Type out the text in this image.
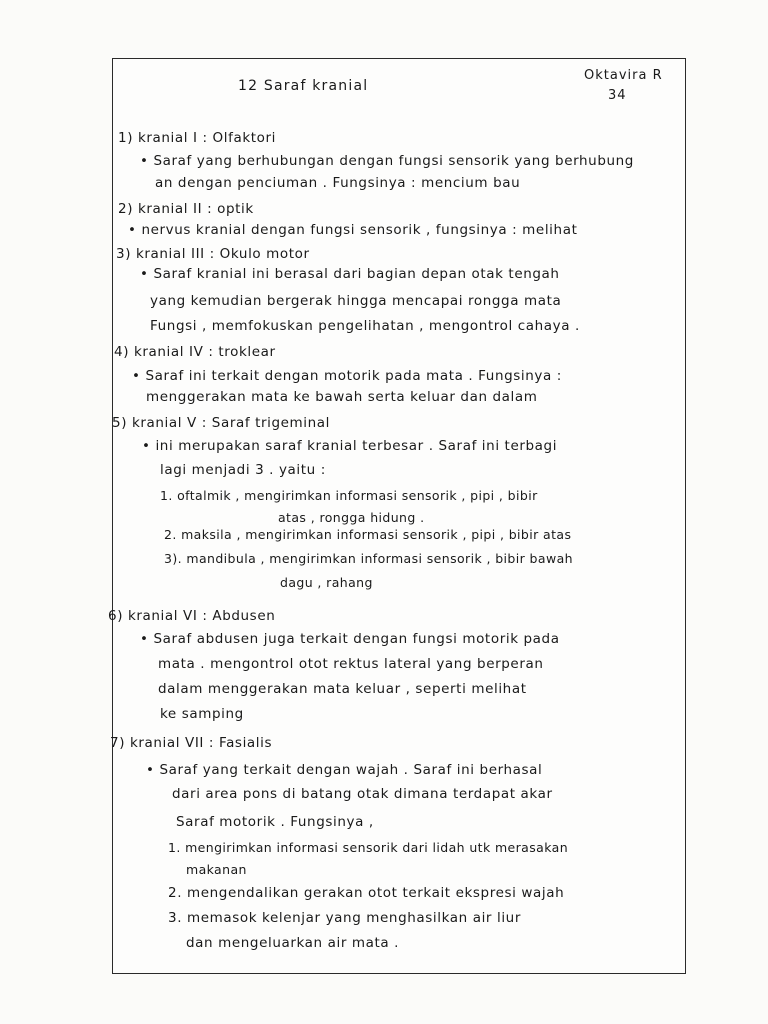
12 Saraf kranial
Oktavira R
34
1) kranial I : Olfaktori
• Saraf yang berhubungan dengan fungsi sensorik yang berhubung
an dengan penciuman . Fungsinya : mencium bau
2) kranial II : optik
• nervus kranial dengan fungsi sensorik , fungsinya : melihat
3) kranial III : Okulo motor
• Saraf kranial ini berasal dari bagian depan otak tengah
yang kemudian bergerak hingga mencapai rongga mata
Fungsi , memfokuskan pengelihatan , mengontrol cahaya .
4) kranial IV : troklear
• Saraf ini terkait dengan motorik pada mata . Fungsinya :
menggerakan mata ke bawah serta keluar dan dalam
5) kranial V : Saraf trigeminal
• ini merupakan saraf kranial terbesar . Saraf ini terbagi
lagi menjadi 3 . yaitu :
1. oftalmik , mengirimkan informasi sensorik , pipi , bibir
atas , rongga hidung .
2. maksila , mengirimkan informasi sensorik , pipi , bibir atas
3). mandibula , mengirimkan informasi sensorik , bibir bawah
dagu , rahang
6) kranial VI : Abdusen
• Saraf abdusen juga terkait dengan fungsi motorik pada
mata . mengontrol otot rektus lateral yang berperan
dalam menggerakan mata keluar , seperti melihat
ke samping
7) kranial VII : Fasialis
• Saraf yang terkait dengan wajah . Saraf ini berhasal
dari area pons di batang otak dimana terdapat akar
Saraf motorik . Fungsinya ,
1. mengirimkan informasi sensorik dari lidah utk merasakan
makanan
2. mengendalikan gerakan otot terkait ekspresi wajah
3. memasok kelenjar yang menghasilkan air liur
dan mengeluarkan air mata .
